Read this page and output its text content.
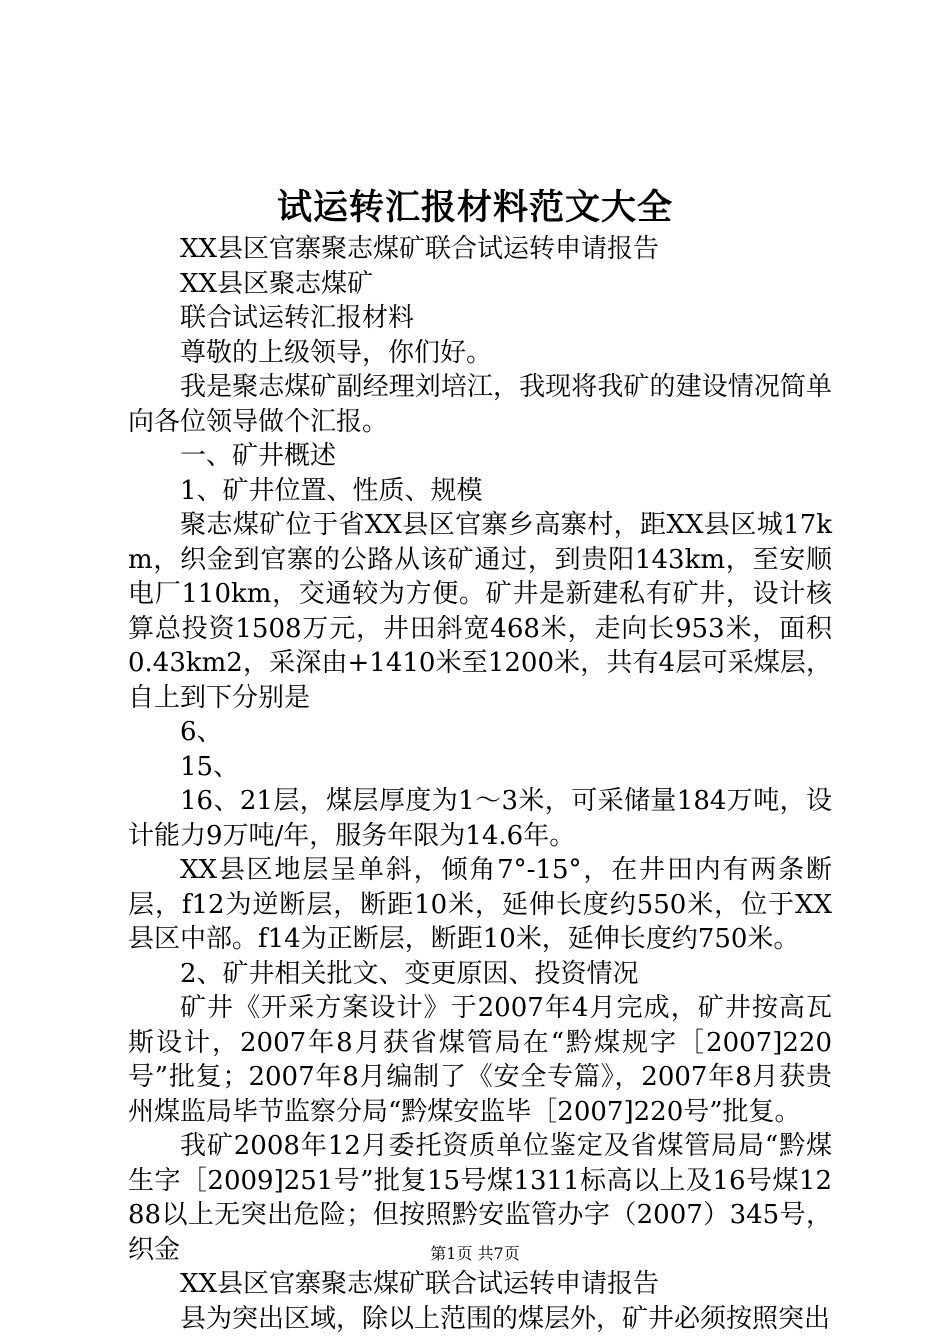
试运转汇报材料范文大全

XX县区官寨聚志煤矿联合试运转申请报告

XX县区聚志煤矿

联合试运转汇报材料

尊敬的上级领导，你们好。

我是聚志煤矿副经理刘培江，我现将我矿的建设情况简单向各位领导做个汇报。

一、矿井概述

1、矿井位置、性质、规模

聚志煤矿位于省XX县区官寨乡高寨村，距XX县区城17km，织金到官寨的公路从该矿通过，到贵阳143km，至安顺电厂110km，交通较为方便。矿井是新建私有矿井，设计核算总投资1508万元，井田斜宽468米，走向长953米，面积0.43km2，采深由+1410米至1200米，共有4层可采煤层，自上到下分别是

6、

15、

16、21层，煤层厚度为1～3米，可采储量184万吨，设计能力9万吨/年，服务年限为14.6年。

XX县区地层呈单斜，倾角7°-15°，在井田内有两条断层，f12为逆断层，断距10米，延伸长度约550米，位于XX县区中部。f14为正断层，断距10米，延伸长度约750米。

2、矿井相关批文、变更原因、投资情况

矿井《开采方案设计》于2007年4月完成，矿井按高瓦斯设计，2007年8月获省煤管局在“黔煤规字［2007]220号”批复；2007年8月编制了《安全专篇》，2007年8月获贵州煤监局毕节监察分局“黔煤安监毕［2007]220号”批复。

我矿2008年12月委托资质单位鉴定及省煤管局局“黔煤生字［2009]251号”批复15号煤1311标高以上及16号煤1288以上无突出危险；但按照黔安监管办字（2007）345号，织金

XX县区官寨聚志煤矿联合试运转申请报告

县为突出区域，除以上范围的煤层外，矿井必须按照突出

第1页 共7页
